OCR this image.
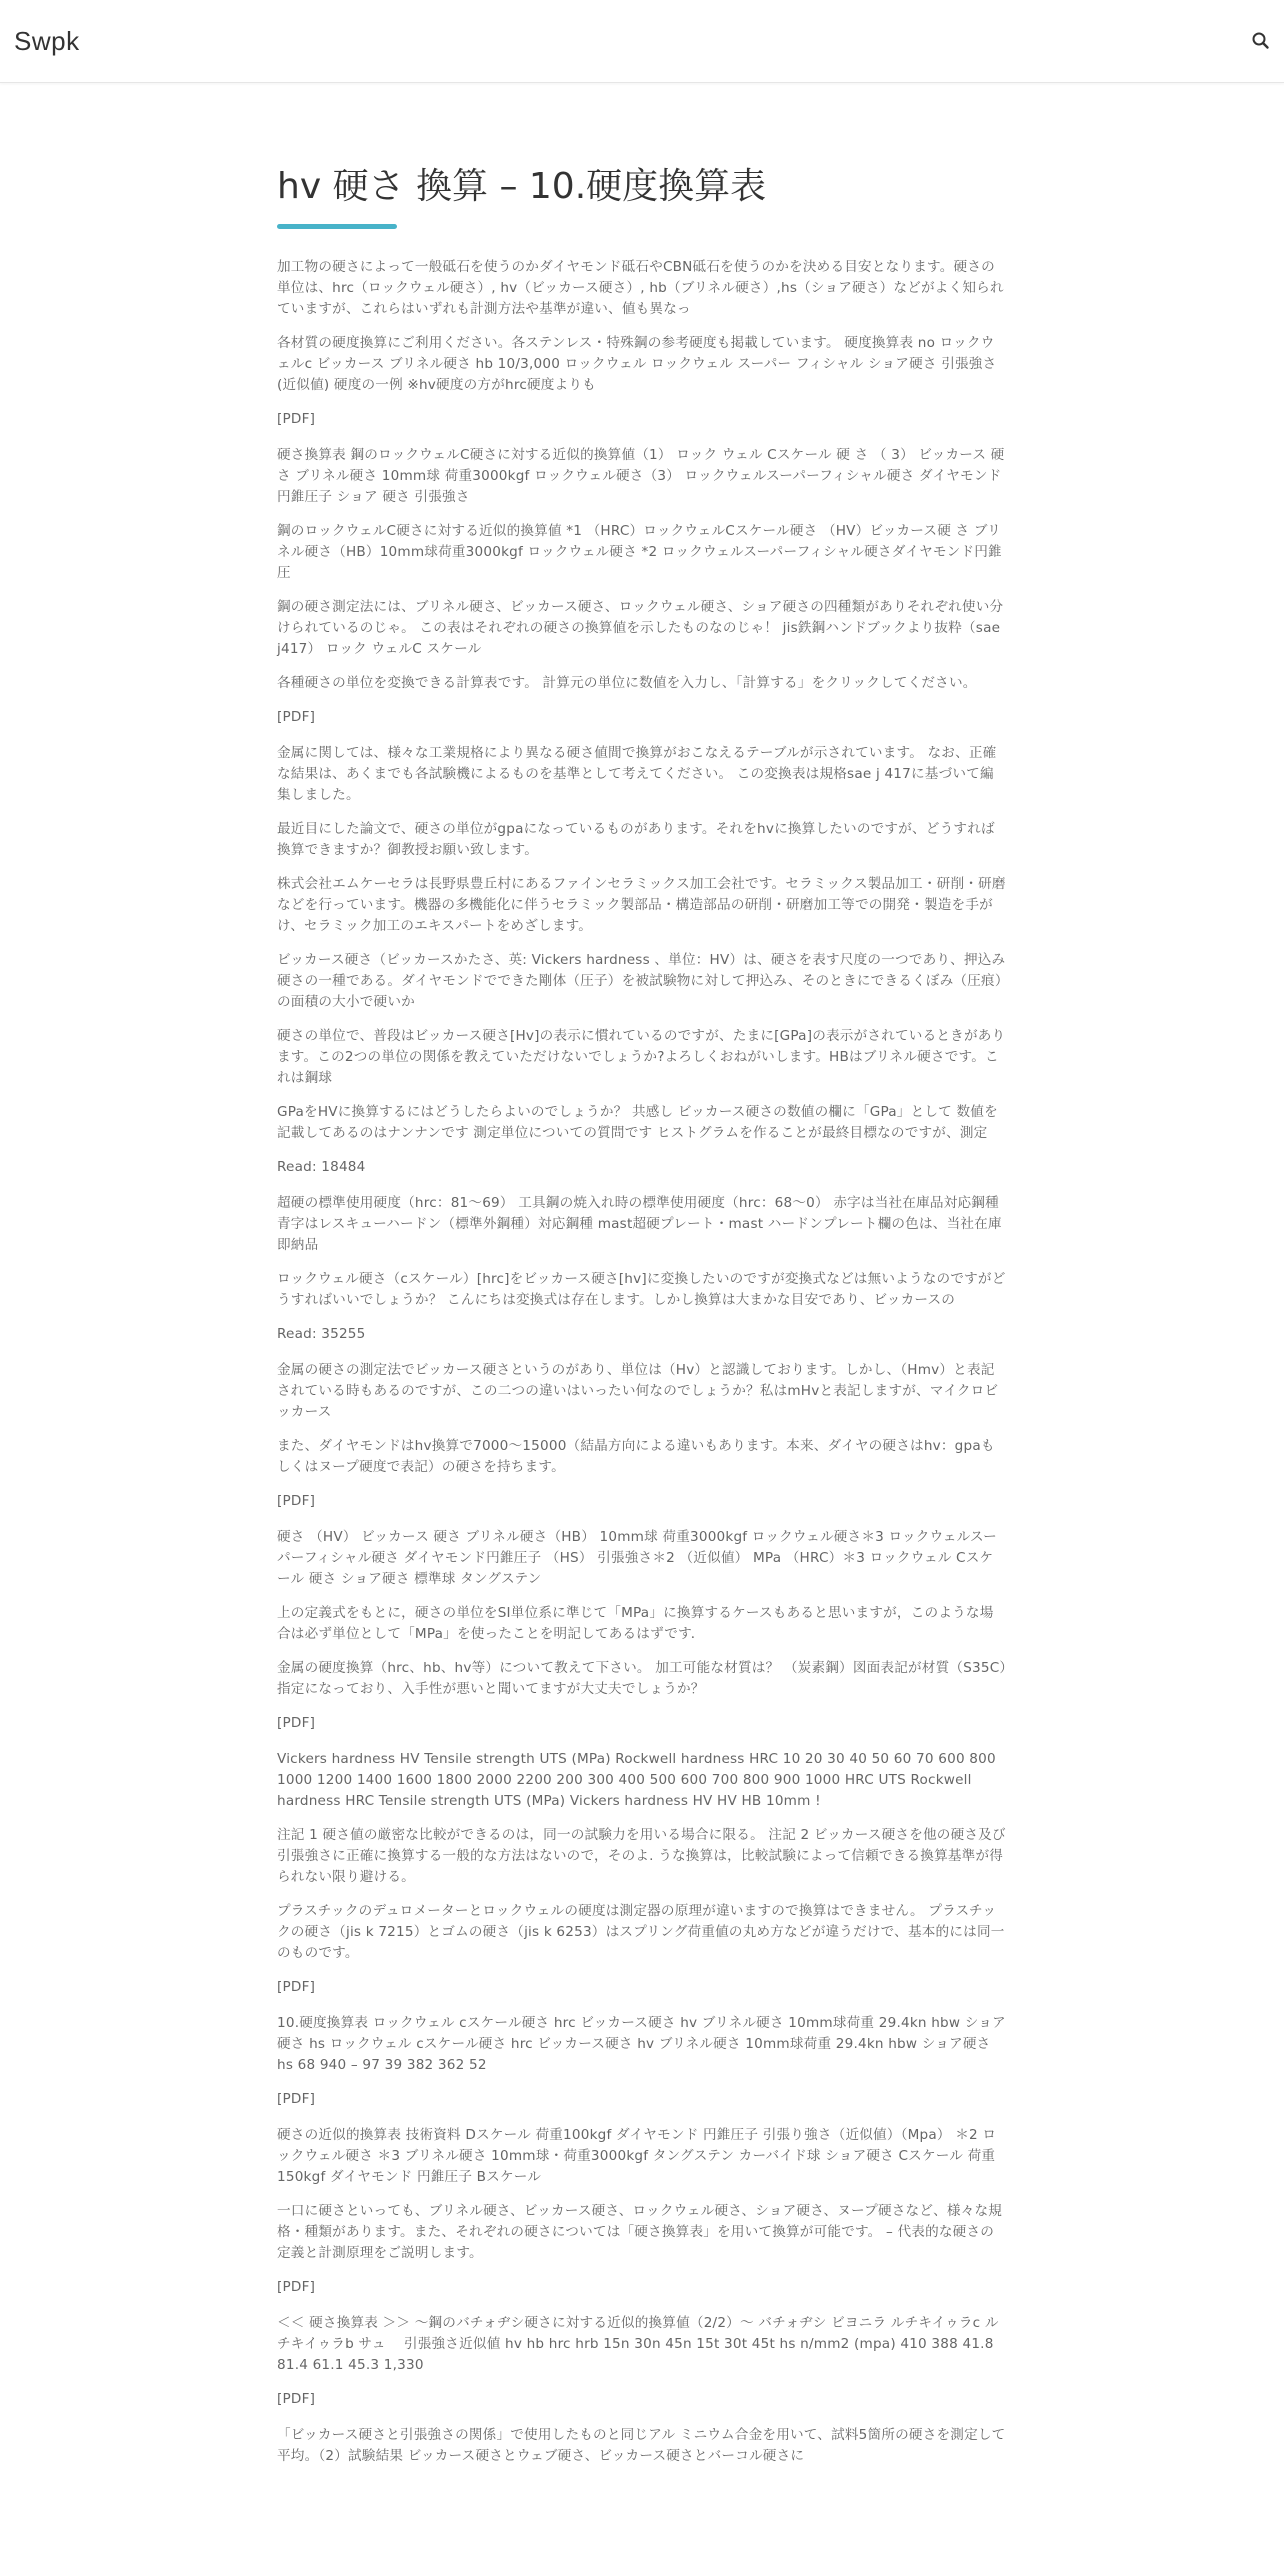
Swpk
hv 硬さ 換算 – 10.硬度換算表

加工物の硬さによって一般砥石を使うのかダイヤモンド砥石やCBN砥石を使うのかを決める目安となります。硬さの単位は、hrc（ロックウェル硬さ）, hv（ビッカース硬さ）, hb（ブリネル硬さ）,hs（ショア硬さ）などがよく知られていますが、これらはいずれも計測方法や基準が違い、値も異なっ

各材質の硬度換算にご利用ください。各ステンレス・特殊鋼の参考硬度も掲載しています。 硬度換算表 no ロックウェルc ビッカース ブリネル硬さ hb 10/3,000 ロックウェル ロックウェル スーパー フィシャル ショア硬さ 引張強さ(近似値) 硬度の一例 ※hv硬度の方がhrc硬度よりも

[PDF]

硬さ換算表 鋼のロックウェルC硬さに対する近似的換算値（1） ロック ウェル Cスケール 硬 さ （ 3） ビッカース 硬 さ ブリネル硬さ 10mm球 荷重3000kgf ロックウェル硬さ（3） ロックウェルスーパーフィシャル硬さ ダイヤモンド円錐圧子 ショア 硬さ 引張強さ

鋼のロックウェルC硬さに対する近似的換算値 *1 （HRC）ロックウェルCスケール硬さ （HV）ビッカース硬 さ ブリネル硬さ（HB）10mm球荷重3000kgf ロックウェル硬さ *2 ロックウェルスーパーフィシャル硬さダイヤモンド円錐圧

鋼の硬さ測定法には、ブリネル硬さ、ビッカース硬さ、ロックウェル硬さ、ショア硬さの四種類がありそれぞれ使い分けられているのじゃ。 この表はそれぞれの硬さの換算値を示したものなのじゃ！ jis鉄鋼ハンドブックより抜粋（sae j417） ロック ウェルC スケール

各種硬さの単位を変換できる計算表です。 計算元の単位に数値を入力し、「計算する」をクリックしてください。

[PDF]

金属に関しては、様々な工業規格により異なる硬さ値間で換算がおこなえるテーブルが示されています。 なお、正確な結果は、あくまでも各試験機によるものを基準として考えてください。 この変換表は規格sae j 417に基づいて編集しました。

最近目にした論文で、硬さの単位がgpaになっているものがあります。それをhvに換算したいのですが、どうすれば換算できますか？御教授お願い致します。

株式会社エムケーセラは長野県豊丘村にあるファインセラミックス加工会社です。セラミックス製品加工・研削・研磨などを行っています。機器の多機能化に伴うセラミック製部品・構造部品の研削・研磨加工等での開発・製造を手がけ、セラミック加工のエキスパートをめざします。

ビッカース硬さ（ビッカースかたさ、英: Vickers hardness 、単位：HV）は、硬さを表す尺度の一つであり、押込み硬さの一種である。ダイヤモンドでできた剛体（圧子）を被試験物に対して押込み、そのときにできるくぼみ（圧痕）の面積の大小で硬いか

硬さの単位で、普段はビッカース硬さ[Hv]の表示に慣れているのですが、たまに[GPa]の表示がされているときがあります。この2つの単位の関係を教えていただけないでしょうか?よろしくおねがいします。HBはブリネル硬さです。これは鋼球

GPaをHVに換算するにはどうしたらよいのでしょうか？ 共感し ビッカース硬さの数値の欄に「GPa」として 数値を記載してあるのはナンナンです 測定単位についての質問です ヒストグラムを作ることが最終目標なのですが、測定

Read: 18484

超硬の標準使用硬度（hrc：81〜69） 工具鋼の焼入れ時の標準使用硬度（hrc：68〜0） 赤字は当社在庫品対応鋼種 青字はレスキューハードン（標準外鋼種）対応鋼種 mast超硬プレート・mast ハードンプレート欄の色は、当社在庫即納品

ロックウェル硬さ（cスケール）[hrc]をビッカース硬さ[hv]に変換したいのですが変換式などは無いようなのですがどうすればいいでしょうか？ こんにちは変換式は存在します。しかし換算は大まかな目安であり、ビッカースの

Read: 35255

金属の硬さの測定法でビッカース硬さというのがあり、単位は（Hv）と認識しております。しかし、（Hmv）と表記されている時もあるのですが、この二つの違いはいったい何なのでしょうか？私はmHvと表記しますが、マイクロビッカース

また、ダイヤモンドはhv換算で7000～15000（結晶方向による違いもあります。本来、ダイヤの硬さはhv：gpaもしくはヌープ硬度で表記）の硬さを持ちます。

[PDF]

硬さ （HV） ビッカース 硬さ ブリネル硬さ（HB） 10mm球 荷重3000kgf ロックウェル硬さ＊3 ロックウェルスーパーフィシャル硬さ ダイヤモンド円錐圧子 （HS） 引張強さ＊2 （近似値） MPa （HRC）＊3 ロックウェル Cスケール 硬さ ショア硬さ 標準球 タングステン

上の定義式をもとに，硬さの単位をSI単位系に準じて「MPa」に換算するケースもあると思いますが，このような場合は必ず単位として「MPa」を使ったことを明記してあるはずです．

金属の硬度換算（hrc、hb、hv等）について教えて下さい。 加工可能な材質は？ （炭素鋼）図面表記が材質（S35C）指定になっており、入手性が悪いと聞いてますが大丈夫でしょうか？

[PDF]

Vickers hardness HV Tensile strength UTS (MPa) Rockwell hardness HRC 10 20 30 40 50 60 70 600 800 1000 1200 1400 1600 1800 2000 2200 200 300 400 500 600 700 800 900 1000 HRC UTS Rockwell hardness HRC Tensile strength UTS (MPa) Vickers hardness HV HV HB 10mm !

注記 1 硬さ値の厳密な比較ができるのは，同一の試験力を用いる場合に限る。 注記 2 ビッカース硬さを他の硬さ及び引張強さに正確に換算する一般的な方法はないので，そのよ. うな換算は，比較試験によって信頼できる換算基準が得られない限り避ける。

プラスチックのデュロメーターとロックウェルの硬度は測定器の原理が違いますので換算はできません。 プラスチックの硬さ（jis k 7215）とゴムの硬さ（jis k 6253）はスプリング荷重値の丸め方などが違うだけで、基本的には同一のものです。

[PDF]

10.硬度換算表 ロックウェル cスケール硬さ hrc ビッカース硬さ hv ブリネル硬さ 10mm球荷重 29.4kn hbw ショア硬さ hs ロックウェル cスケール硬さ hrc ビッカース硬さ hv ブリネル硬さ 10mm球荷重 29.4kn hbw ショア硬さ hs 68 940 – 97 39 382 362 52

[PDF]

硬さの近似的換算表 技術資料 Dスケール 荷重100kgf ダイヤモンド 円錐圧子 引張り強さ（近似値）（Mpa） ＊2 ロックウェル硬さ ＊3 ブリネル硬さ 10mm球・荷重3000kgf タングステン カーバイド球 ショア硬さ Cスケール 荷重150kgf ダイヤモンド 円錐圧子 Bスケール

一口に硬さといっても、ブリネル硬さ、ビッカース硬さ、ロックウェル硬さ、ショア硬さ、ヌープ硬さなど、様々な規格・種類があります。また、それぞれの硬さについては「硬さ換算表」を用いて換算が可能です。 – 代表的な硬さの定義と計測原理をご説明します。

[PDF]

＜＜ 硬さ換算表 ＞＞ ～鋼のバチォヂシ硬さに対する近似的換算値（2/2）～ バチォヂシ ビヨニラ ルチキイゥラc ルチキイゥラb サュ　 引張強さ近似値 hv hb hrc hrb 15n 30n 45n 15t 30t 45t hs n/mm2 (mpa) 410 388 41.8 81.4 61.1 45.3 1,330

[PDF]

「ビッカース硬さと引張強さの関係」で使用したものと同じアル ミニウム合金を用いて、試料5箇所の硬さを測定して平均。（2）試験結果 ビッカース硬さとウェブ硬さ、ビッカース硬さとバーコル硬さに
